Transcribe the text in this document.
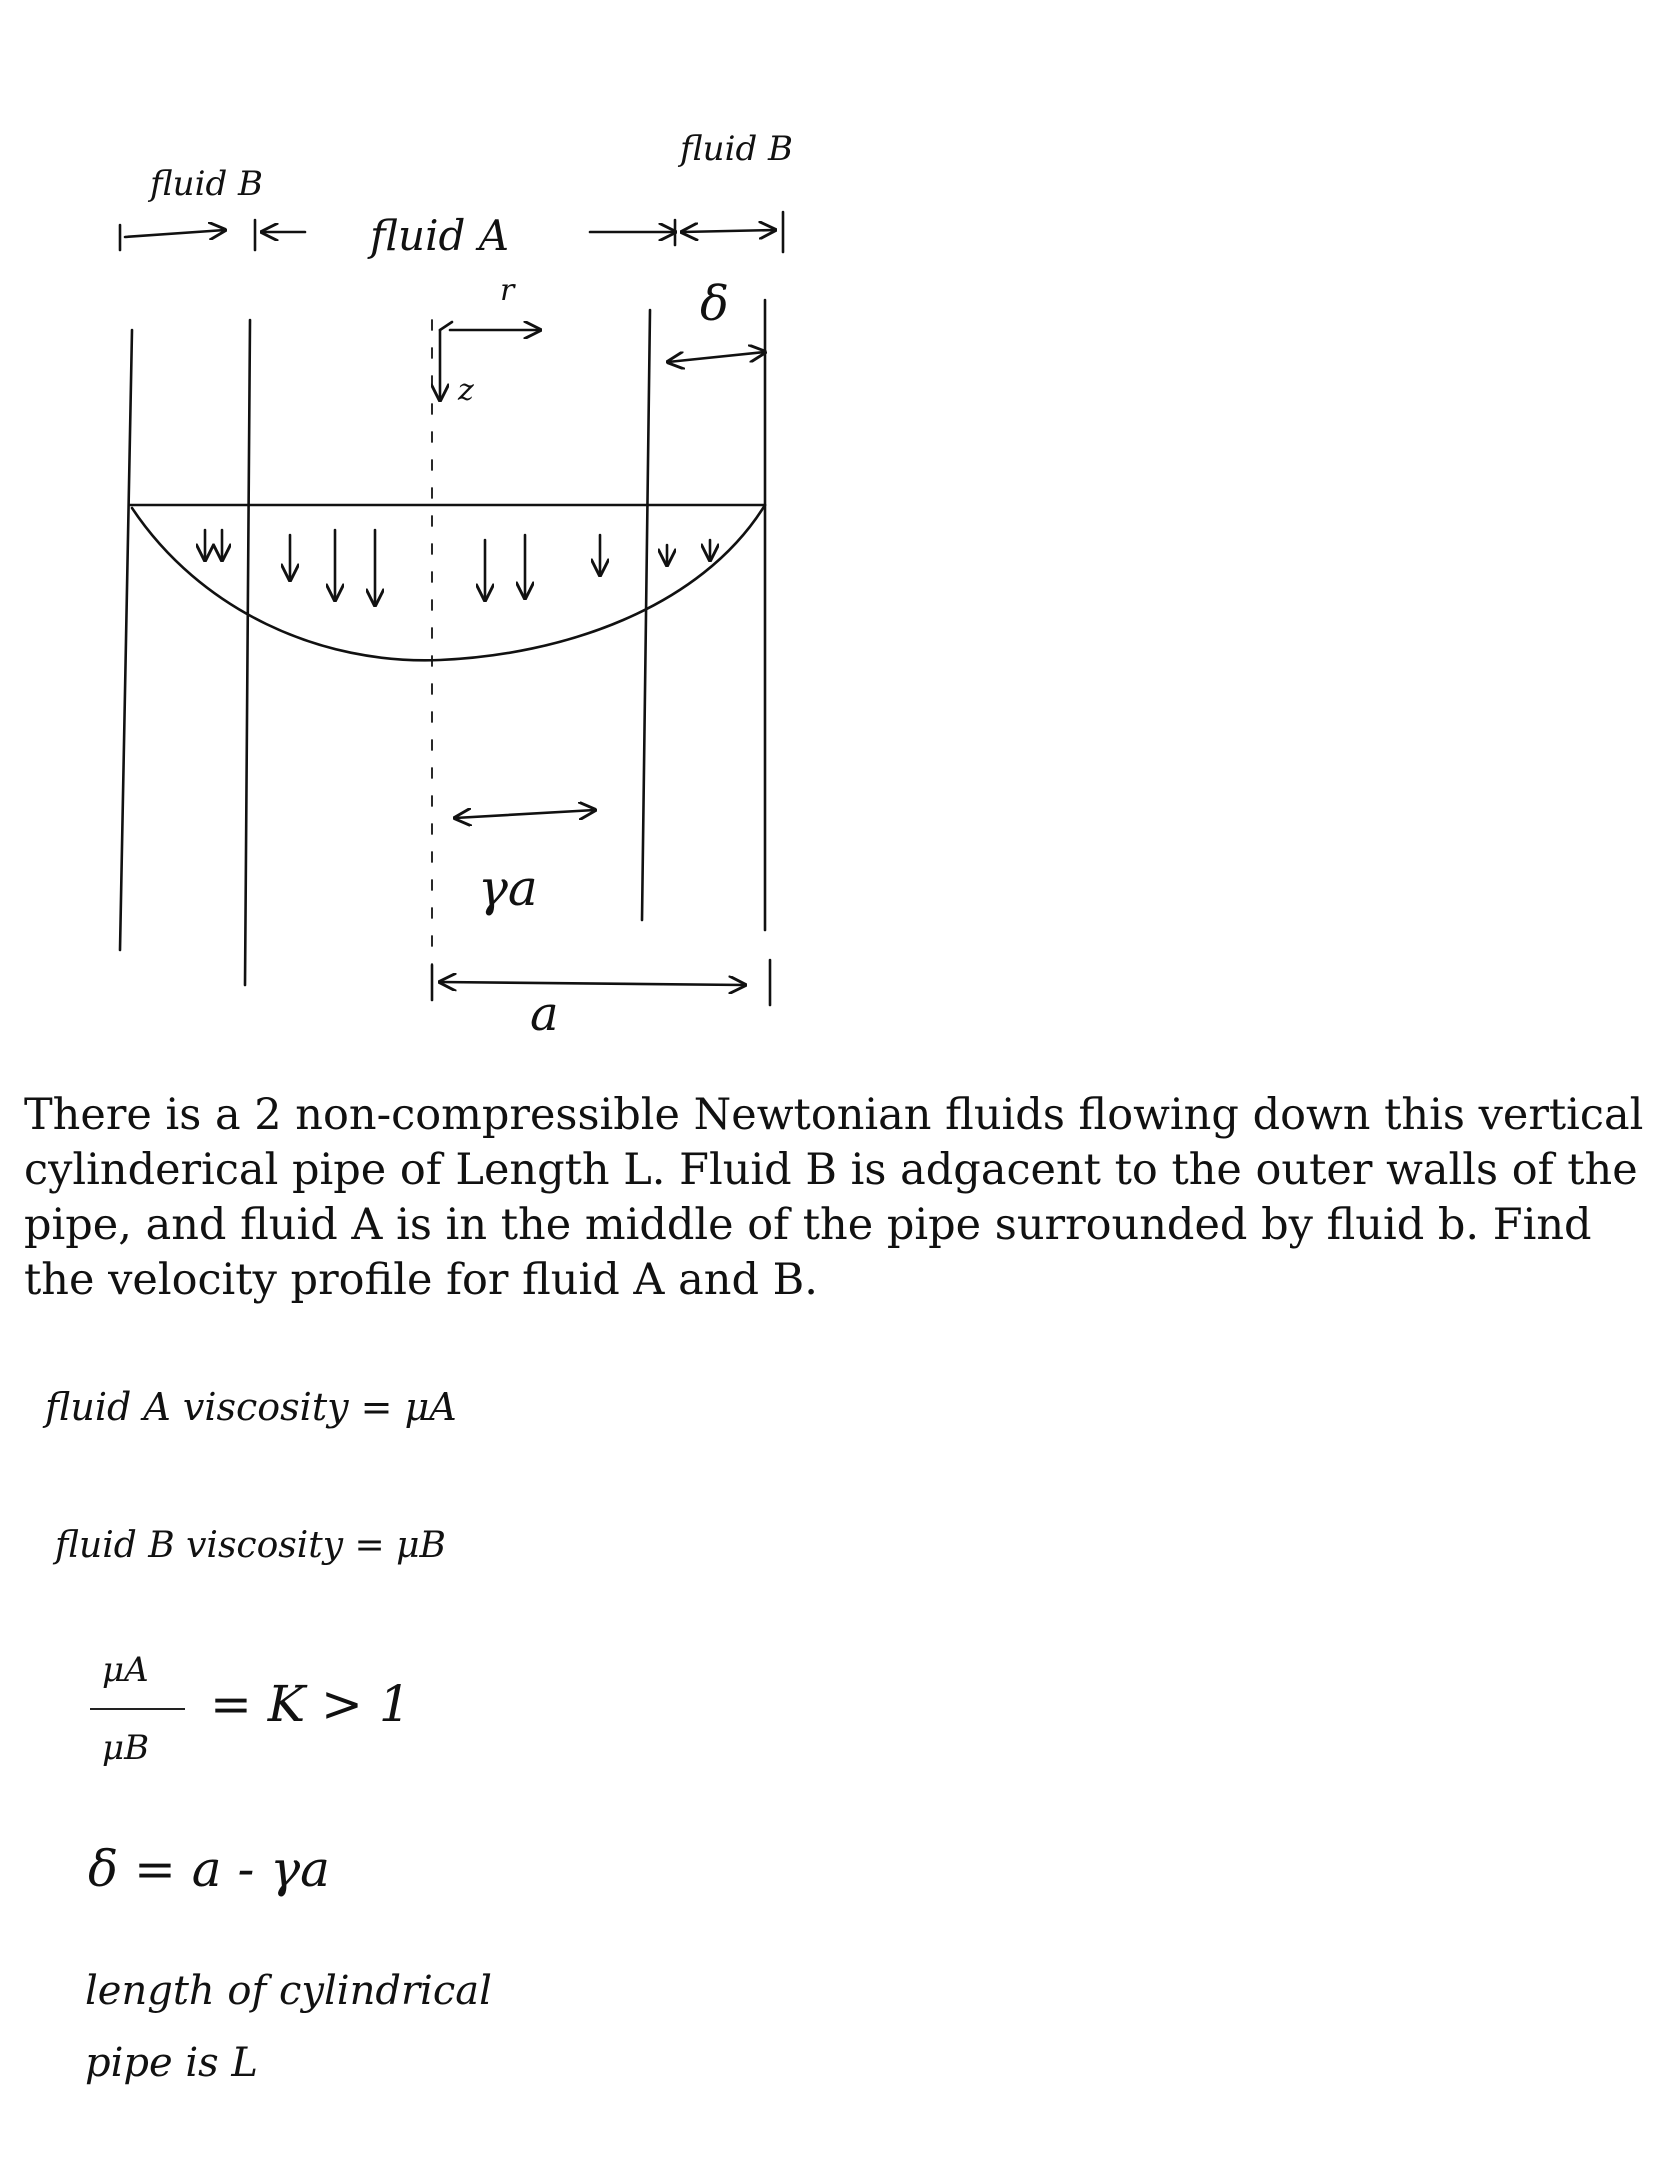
fluid B
fluid B
fluid A
r
z
δ
γa
a

There is a 2 non-compressible Newtonian fluids flowing down this vertical cylinderical pipe of Length L. Fluid B is adgacent to the outer walls of the pipe, and fluid A is in the middle of the pipe surrounded by fluid b. Find the velocity profile for fluid A and B.

fluid A viscosity = μA
fluid B viscosity = μB
μA
μB
= K > 1
δ = a - γa
length of cylindrical
pipe is L
